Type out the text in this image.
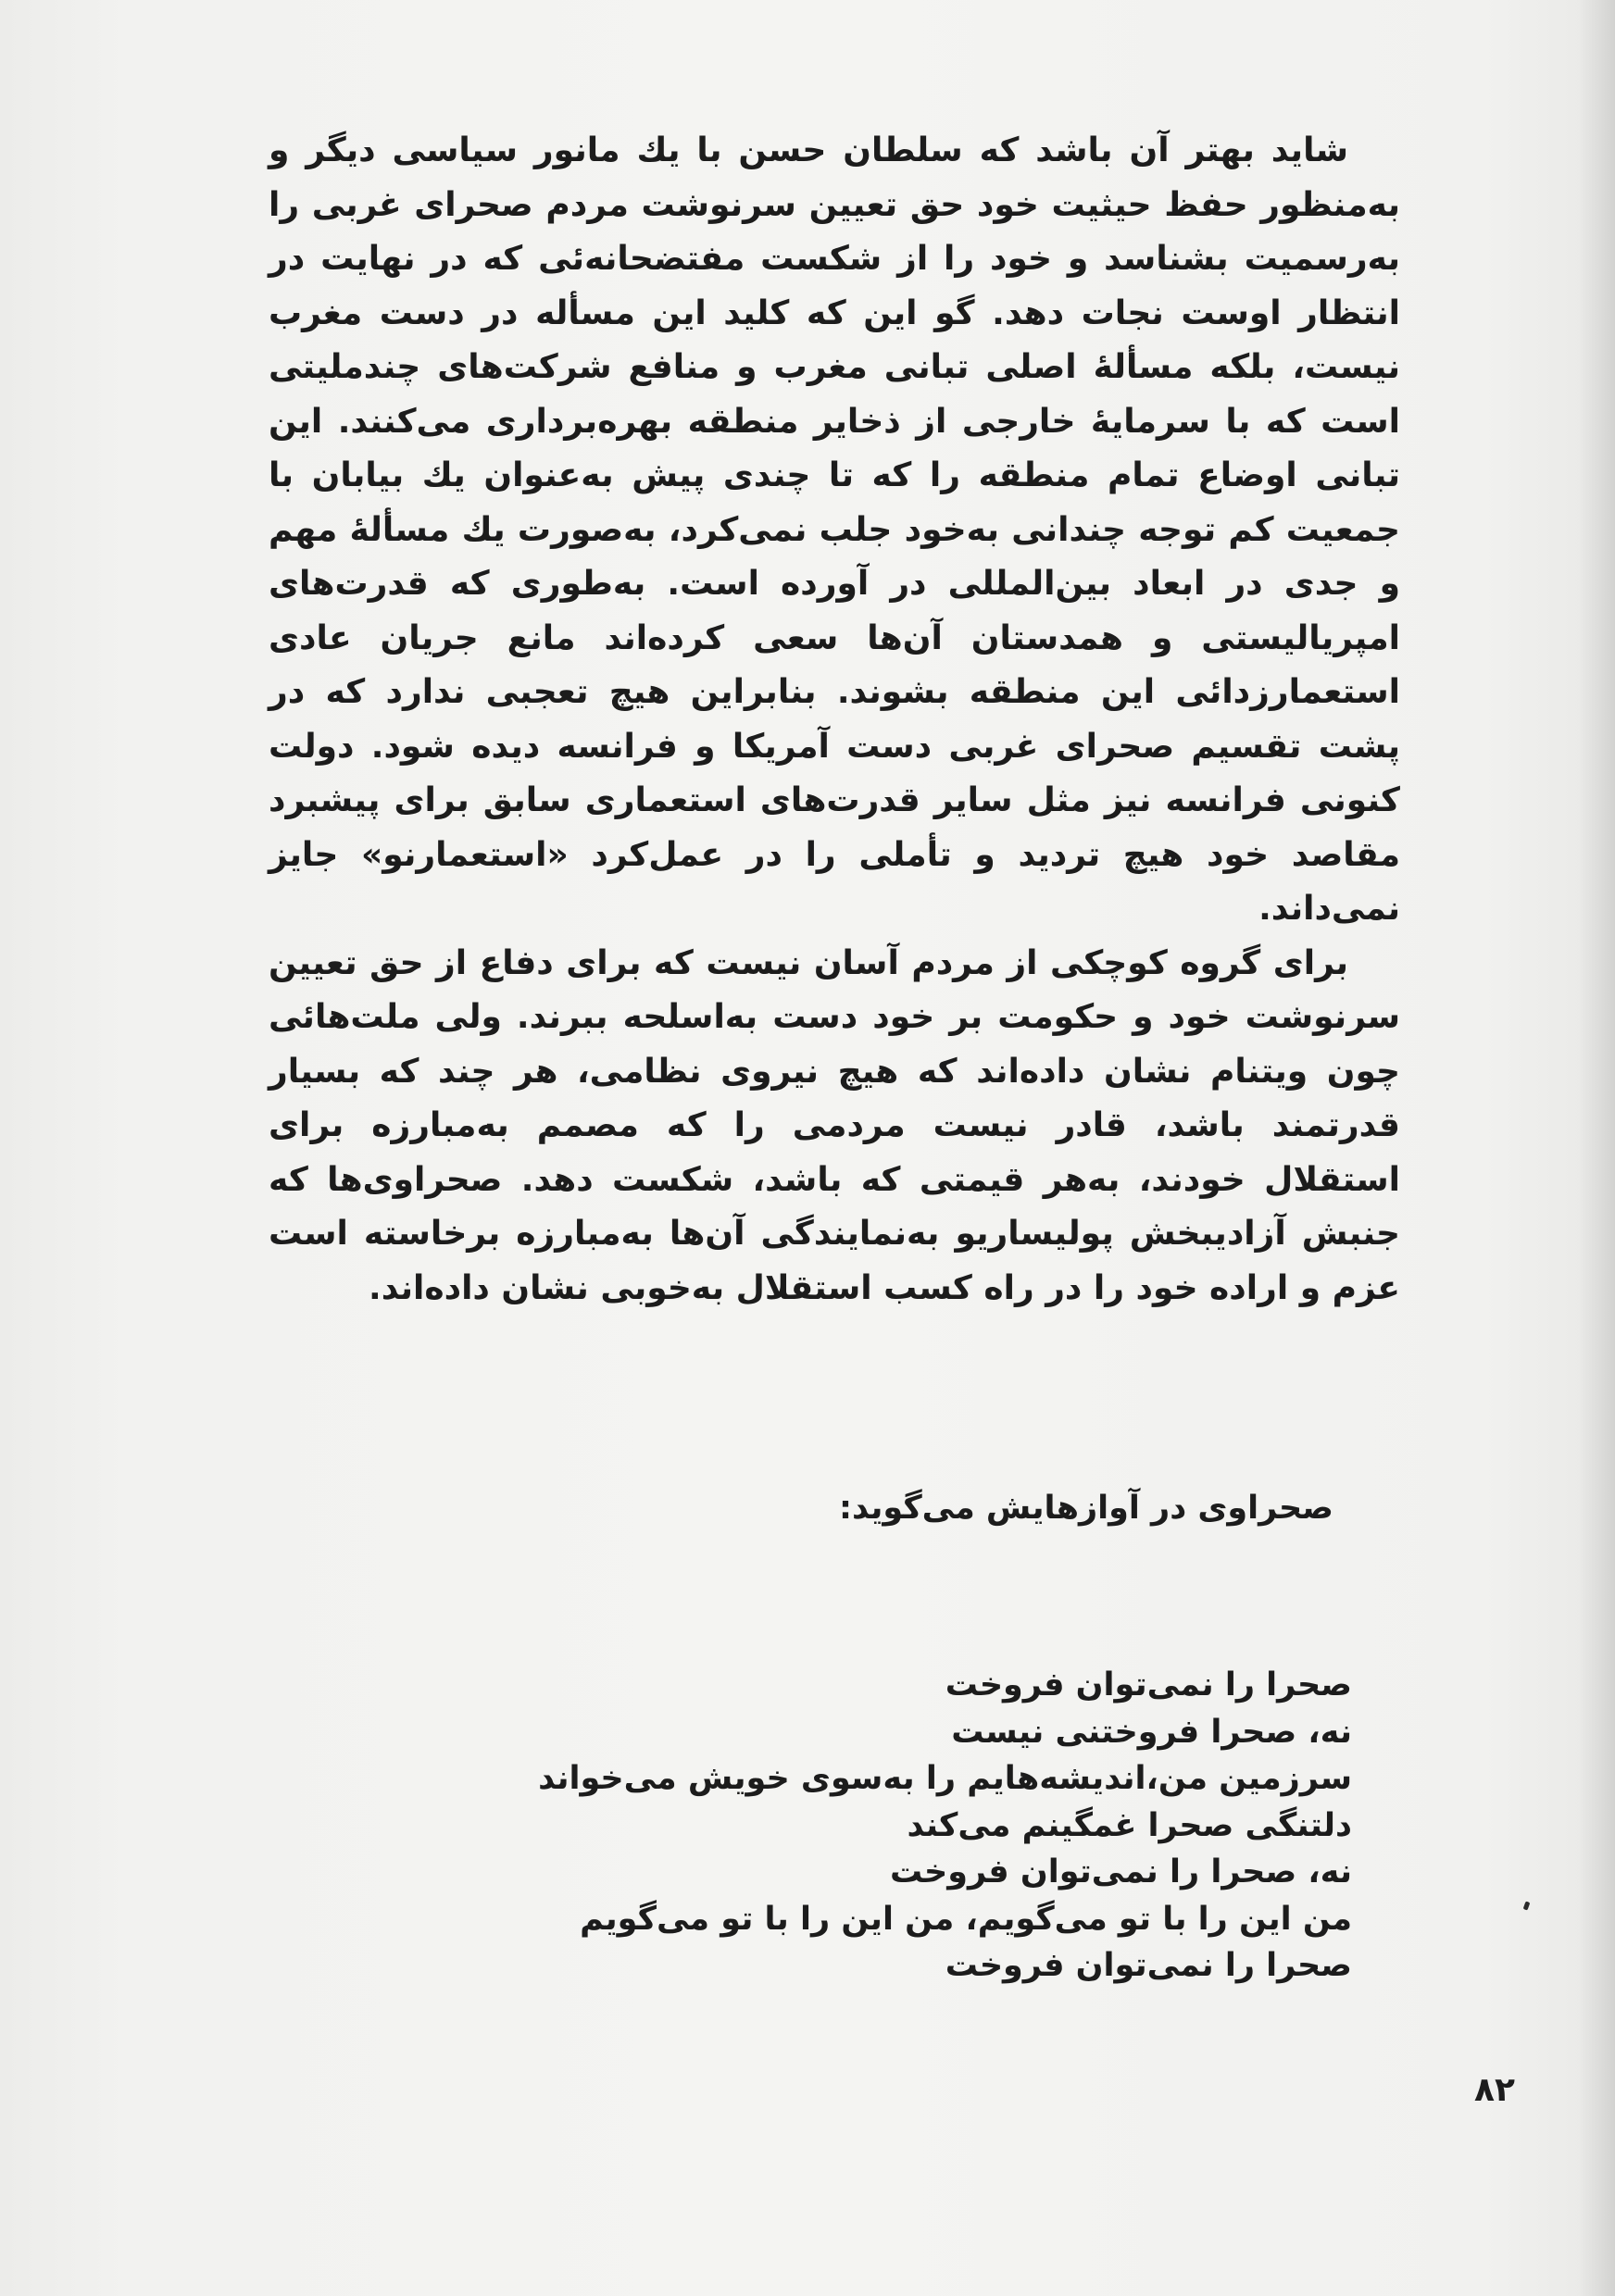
شاید بهتر آن باشد که سلطان حسن با یك مانور سیاسی دیگر و به‌منظور حفظ حیثیت خود حق تعیین سرنوشت مردم صحرای غربی را به‌رسمیت بشناسد و خود را از شکست مفتضحانه‌ئی که در نهایت در انتظار اوست نجات دهد. گو این که کلید این مسأله در دست مغرب نیست، بلکه مسألهٔ اصلی تبانی مغرب و منافع شرکت‌های چندملیتی است که با سرمایهٔ خارجی از ذخایر منطقه بهره‌برداری می‌کنند. این تبانی اوضاع تمام منطقه را که تا چندی پیش به‌عنوان یك بیابان با جمعیت کم توجه چندانی به‌خود جلب نمی‌کرد، به‌صورت یك مسألهٔ مهم و جدی در ابعاد بین‌المللی در آورده است. به‌طوری که قدرت‌های امپریالیستی و همدستان آن‌ها سعی کرده‌اند مانع جریان عادی استعمارزدائی این منطقه بشوند. بنابراین هیچ تعجبی ندارد که در پشت تقسیم صحرای غربی دست آمریکا و فرانسه دیده شود. دولت کنونی فرانسه نیز مثل سایر قدرت‌های استعماری سابق برای پیشبرد مقاصد خود هیچ تردید و تأملی را در عمل‌کرد «استعمارنو» جایز نمی‌داند.

برای گروه کوچکی از مردم آسان نیست که برای دفاع از حق تعیین سرنوشت خود و حکومت بر خود دست به‌اسلحه ببرند. ولی ملت‌هائی چون ویتنام نشان داده‌اند که هیچ نیروی نظامی، هر چند که بسیار قدرتمند باشد، قادر نیست مردمی را که مصمم به‌مبارزه برای استقلال خودند، به‌هر قیمتی که باشد، شکست دهد. صحراوی‌ها که جنبش آزادیبخش پولیساریو به‌نمایندگی آن‌ها به‌مبارزه برخاسته است عزم و اراده خود را در راه کسب استقلال به‌خوبی نشان داده‌اند.

صحراوی در آوازهایش می‌گوید:
صحرا را نمی‌توان فروخت
نه، صحرا فروختنی نیست
سرزمین من،اندیشه‌هایم را به‌سوی خویش می‌خواند
دلتنگی صحرا غمگینم می‌کند
نه، صحرا را نمی‌توان فروخت
من این را با تو می‌گویم، من این را با تو می‌گویم
صحرا را نمی‌توان فروخت
۸۲
